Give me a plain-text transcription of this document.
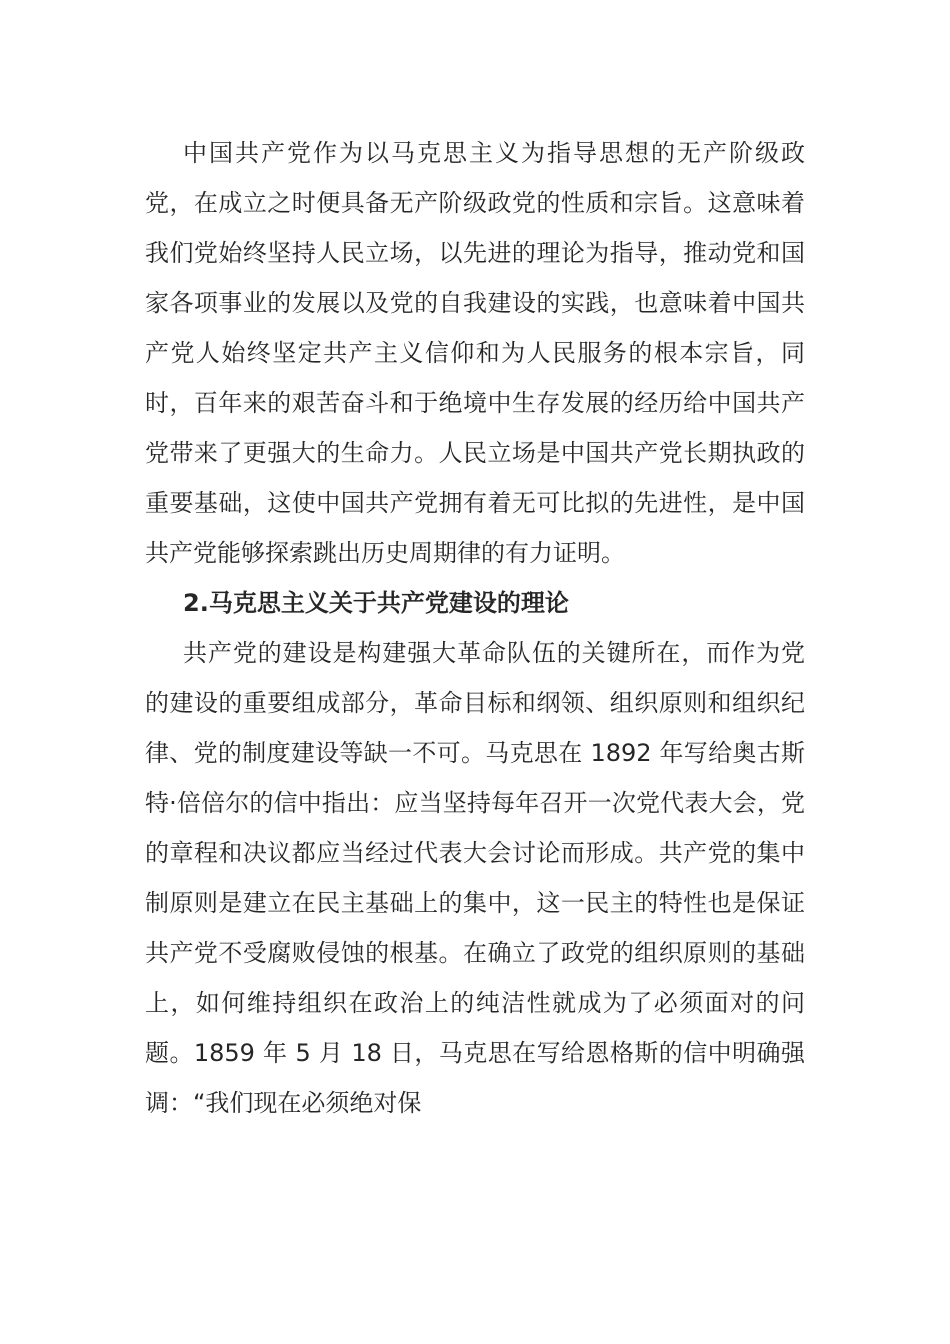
中国共产党作为以马克思主义为指导思想的无产阶级政党，在成立之时便具备无产阶级政党的性质和宗旨。这意味着我们党始终坚持人民立场，以先进的理论为指导，推动党和国家各项事业的发展以及党的自我建设的实践，也意味着中国共产党人始终坚定共产主义信仰和为人民服务的根本宗旨，同时，百年来的艰苦奋斗和于绝境中生存发展的经历给中国共产党带来了更强大的生命力。人民立场是中国共产党长期执政的重要基础，这使中国共产党拥有着无可比拟的先进性，是中国共产党能够探索跳出历史周期律的有力证明。

2.马克思主义关于共产党建设的理论

共产党的建设是构建强大革命队伍的关键所在，而作为党的建设的重要组成部分，革命目标和纲领、组织原则和组织纪律、党的制度建设等缺一不可。马克思在 1892 年写给奥古斯特·倍倍尔的信中指出：应当坚持每年召开一次党代表大会，党的章程和决议都应当经过代表大会讨论而形成。共产党的集中制原则是建立在民主基础上的集中，这一民主的特性也是保证共产党不受腐败侵蚀的根基。在确立了政党的组织原则的基础上，如何维持组织在政治上的纯洁性就成为了必须面对的问题。1859 年 5 月 18 日，马克思在写给恩格斯的信中明确强调：“我们现在必须绝对保
